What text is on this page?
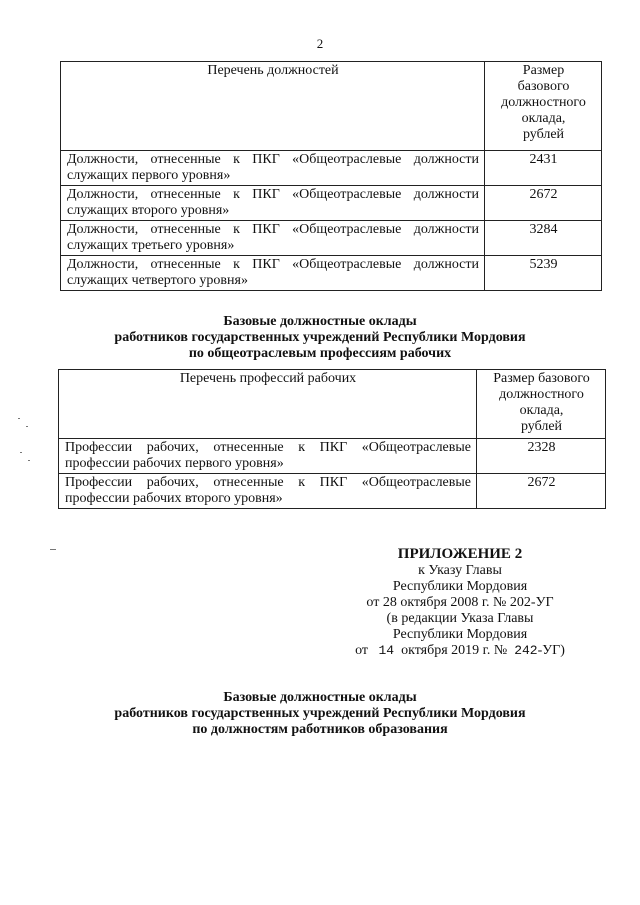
2
Перечень должностей	Размер
базового
должностного
оклада,
рублей

Должности, отнесенные к ПКГ «Общеотраслевые должности служащих первого уровня»	2431
Должности, отнесенные к ПКГ «Общеотраслевые должности служащих второго уровня»	2672
Должности, отнесенные к ПКГ «Общеотраслевые должности служащих третьего уровня»	3284
Должности, отнесенные к ПКГ «Общеотраслевые должности служащих четвертого уровня»	5239
Базовые должностные оклады
работников государственных учреждений Республики Мордовия
по общеотраслевым профессиям рабочих
Перечень профессий рабочих	Размер базового
должностного
оклада,
рублей

Профессии рабочих, отнесенные к ПКГ «Общеотраслевые профессии рабочих первого уровня»	2328
Профессии рабочих, отнесенные к ПКГ «Общеотраслевые профессии рабочих второго уровня»	2672
ПРИЛОЖЕНИЕ 2
к Указу Главы
Республики Мордовия
от 28 октября 2008 г. № 202-УГ
(в редакции Указа Главы
Республики Мордовия
от 14 октября 2019 г. № 242-УГ)
Базовые должностные оклады
работников государственных учреждений Республики Мордовия
по должностям работников образования
